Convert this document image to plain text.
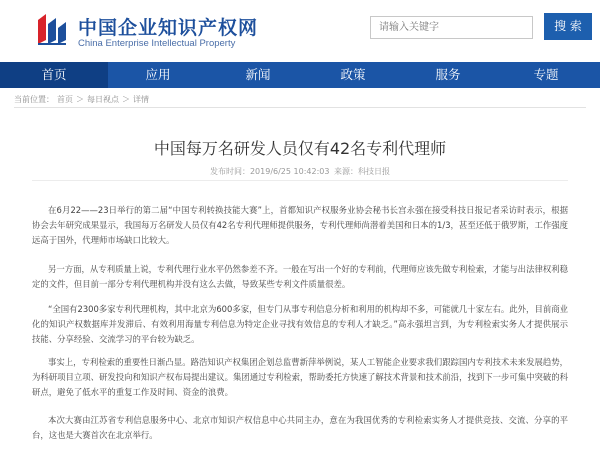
中国企业知识产权网
China Enterprise Intellectual Property
请输入关键字
搜 索
首页	应用	新闻	政策	服务	专题
当前位置： 首页 ＞ 每日视点 ＞ 详情
中国每万名研发人员仅有42名专利代理师
发布时间：2019/6/25 10:42:03 来源：科技日报

在6月22——23日举行的第二届“中国专利转换技能大赛”上，首都知识产权服务业协会秘书长宫永强在接受科技日报记者采访时表示，根据协会去年研究成果显示，我国每万名研发人员仅有42名专利代理师提供服务，专利代理师尚潜着美国和日本的1/3，甚至还低于俄罗斯，工作强度远高于国外，代理师市场缺口比较大。

另一方面，从专利质量上说，专利代理行业水平仍然参差不齐。一般在写出一个好的专利前，代理师应该先做专利检索，才能与出法律权利稳定的文件，但目前一部分专利代理机构并没有这么去做，导致某些专利文件质量很差。

“全国有2300多家专利代理机构，其中北京为600多家，但专门从事专利信息分析和利用的机构却不多，可能就几十家左右。此外，目前商业化的知识产权数据库并发滞后、有效利用海量专利信息为特定企业寻找有效信息的专利人才缺乏。”高永强坦言到，为专利检索实务人才提供展示技能、分享经验、交流学习的平台较为缺乏。

事实上，专利检索的重要性日渐凸显。路浩知识产权集团企划总监曹新萍举例说，某人工智能企业要求我们跟踪国内专利技术未来发展趋势，为科研项目立项、研发投向和知识产权布局提出建议。集团通过专利检索，帮助委托方快速了解技术背景和技术前沿，找到下一步可集中突破的科研点，避免了低水平的重复工作及时间、资金的浪费。

本次大赛由江苏省专利信息服务中心、北京市知识产权信息中心共同主办，意在为我国优秀的专利检索实务人才提供竞技、交流、分享的平台，这也是大赛首次在北京举行。
